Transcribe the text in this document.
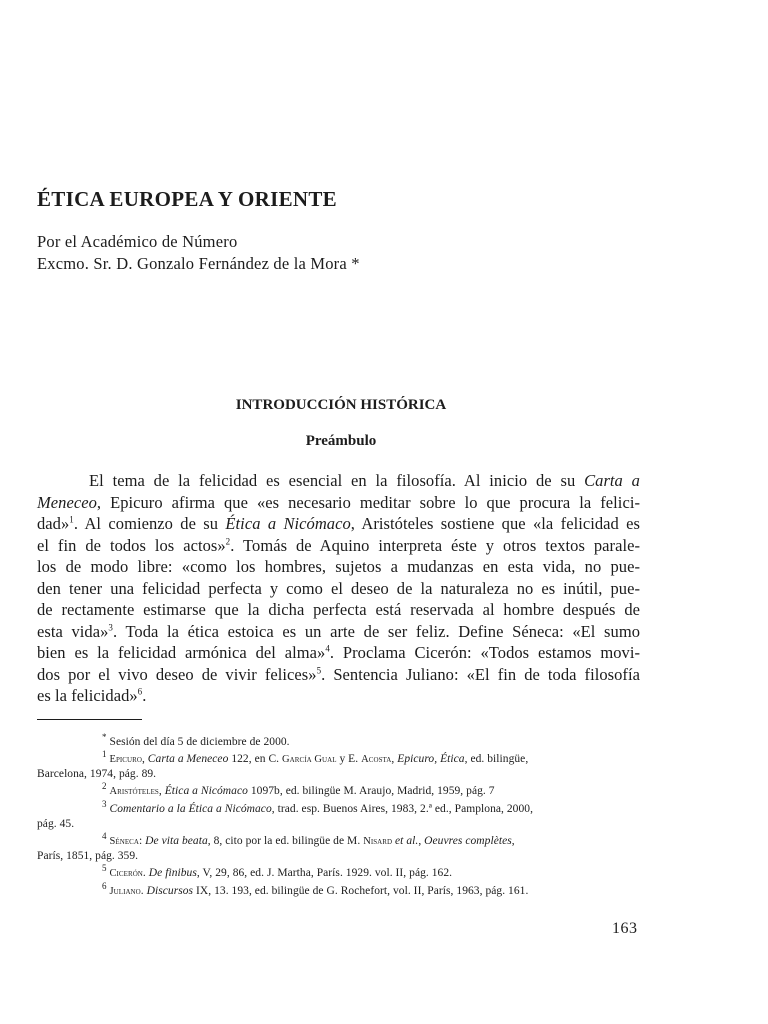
ÉTICA EUROPEA Y ORIENTE
Por el Académico de Número
Excmo. Sr. D. Gonzalo Fernández de la Mora *
INTRODUCCIÓN HISTÓRICA
Preámbulo
El tema de la felicidad es esencial en la filosofía. Al inicio de su Carta a
Meneceo, Epicuro afirma que «es necesario meditar sobre lo que procura la felici-
dad»$^1$. Al comienzo de su Ética a Nicómaco, Aristóteles sostiene que «la felicidad es
el fin de todos los actos»$^2$. Tomás de Aquino interpreta éste y otros textos parale-
los de modo libre: «como los hombres, sujetos a mudanzas en esta vida, no pue-
den tener una felicidad perfecta y como el deseo de la naturaleza no es inútil, pue-
de rectamente estimarse que la dicha perfecta está reservada al hombre después de
esta vida»$^3$. Toda la ética estoica es un arte de ser feliz. Define Séneca: «El sumo
bien es la felicidad armónica del alma»$^4$. Proclama Cicerón: «Todos estamos movi-
dos por el vivo deseo de vivir felices»$^5$. Sentencia Juliano: «El fin de toda filosofía
es la felicidad»$^6$.
* Sesión del día 5 de diciembre de 2000.
$^1$ Epicuro, Carta a Meneceo 122, en C. García Gual y E. Acosta, Epicuro, Ética, ed. bilingüe,
Barcelona, 1974, pág. 89.
$^2$ Aristóteles, Ética a Nicómaco 1097b, ed. bilingüe M. Araujo, Madrid, 1959, pág. 7
$^3$ Comentario a la Ética a Nicómaco, trad. esp. Buenos Aires, 1983, 2.ª ed., Pamplona, 2000,
pág. 45.
$^4$ Séneca: De vita beata, 8, cito por la ed. bilingüe de M. Nisard et al., Oeuvres complètes,
París, 1851, pág. 359.
$^5$ Cicerón. De finibus, V, 29, 86, ed. J. Martha, París. 1929. vol. II, pág. 162.
$^6$ Juliano. Discursos IX, 13. 193, ed. bilingüe de G. Rochefort, vol. II, París, 1963, pág. 161.
163
